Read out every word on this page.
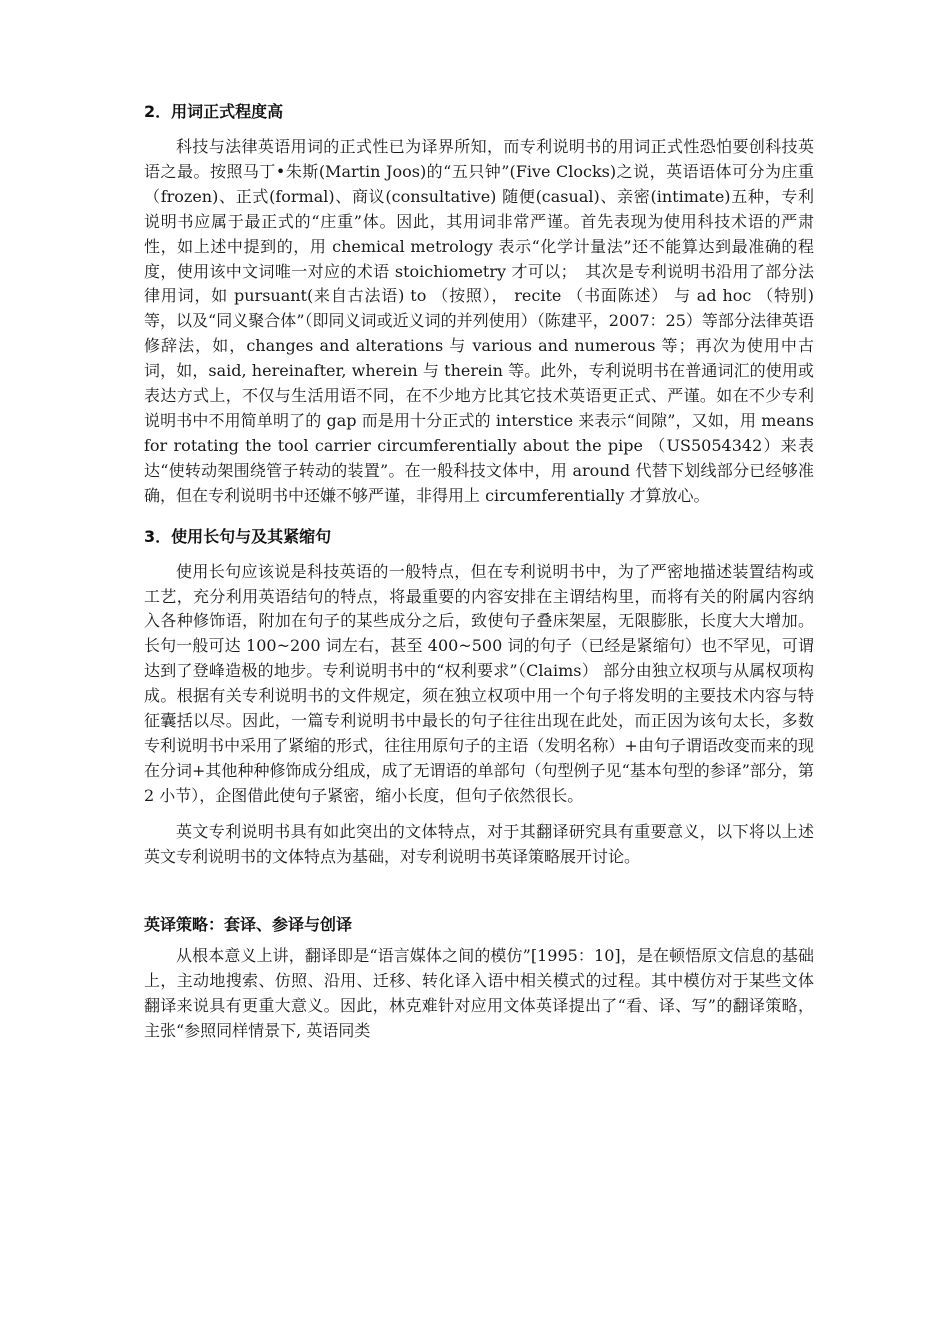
2．用词正式程度高

科技与法律英语用词的正式性已为译界所知，而专利说明书的用词正式性恐怕要创科技英语之最。按照马丁•朱斯(Martin Joos)的“五只钟”(Five Clocks)之说，英语语体可分为庄重（frozen)、正式(formal)、商议(consultative) 随便(casual)、亲密(intimate)五种，专利说明书应属于最正式的“庄重”体。因此，其用词非常严谨。首先表现为使用科技术语的严肃性，如上述中提到的，用 chemical metrology 表示“化学计量法”还不能算达到最准确的程度，使用该中文词唯一对应的术语 stoichiometry 才可以；　其次是专利说明书沿用了部分法律用词，如 pursuant(来自古法语) to （按照）， recite （书面陈述） 与 ad hoc （特别)等，以及“同义聚合体”（即同义词或近义词的并列使用）（陈建平，2007：25）等部分法律英语修辞法，如，changes and alterations 与 various and numerous 等；再次为使用中古词，如，said, hereinafter, wherein 与 therein 等。此外，专利说明书在普通词汇的使用或表达方式上，不仅与生活用语不同，在不少地方比其它技术英语更正式、严谨。如在不少专利说明书中不用简单明了的 gap 而是用十分正式的 interstice 来表示“间隙”，又如，用 means for rotating the tool carrier circumferentially about the pipe （US5054342）来表达“使转动架围绕管子转动的装置”。在一般科技文体中，用 around 代替下划线部分已经够准确，但在专利说明书中还嫌不够严谨，非得用上 circumferentially 才算放心。

3．使用长句与及其紧缩句

使用长句应该说是科技英语的一般特点，但在专利说明书中，为了严密地描述装置结构或工艺，充分利用英语结句的特点，将最重要的内容安排在主谓结构里，而将有关的附属内容纳入各种修饰语，附加在句子的某些成分之后，致使句子叠床架屋，无限膨胀，长度大大增加。长句一般可达 100~200 词左右，甚至 400~500 词的句子（已经是紧缩句）也不罕见，可谓达到了登峰造极的地步。专利说明书中的“权利要求”（Claims） 部分由独立权项与从属权项构成。根据有关专利说明书的文件规定，须在独立权项中用一个句子将发明的主要技术内容与特征囊括以尽。因此，一篇专利说明书中最长的句子往往出现在此处，而正因为该句太长，多数专利说明书中采用了紧缩的形式，往往用原句子的主语（发明名称）+由句子谓语改变而来的现在分词+其他种种修饰成分组成，成了无谓语的单部句（句型例子见“基本句型的参译”部分，第 2 小节），企图借此使句子紧密，缩小长度，但句子依然很长。

英文专利说明书具有如此突出的文体特点，对于其翻译研究具有重要意义，以下将以上述英文专利说明书的文体特点为基础，对专利说明书英译策略展开讨论。

英译策略：套译、参译与创译

从根本意义上讲，翻译即是“语言媒体之间的模仿”[1995：10]，是在顿悟原文信息的基础上，主动地搜索、仿照、沿用、迁移、转化译入语中相关模式的过程。其中模仿对于某些文体翻译来说具有更重大意义。因此，林克难针对应用文体英译提出了“看、译、写”的翻译策略，主张“参照同样情景下, 英语同类
